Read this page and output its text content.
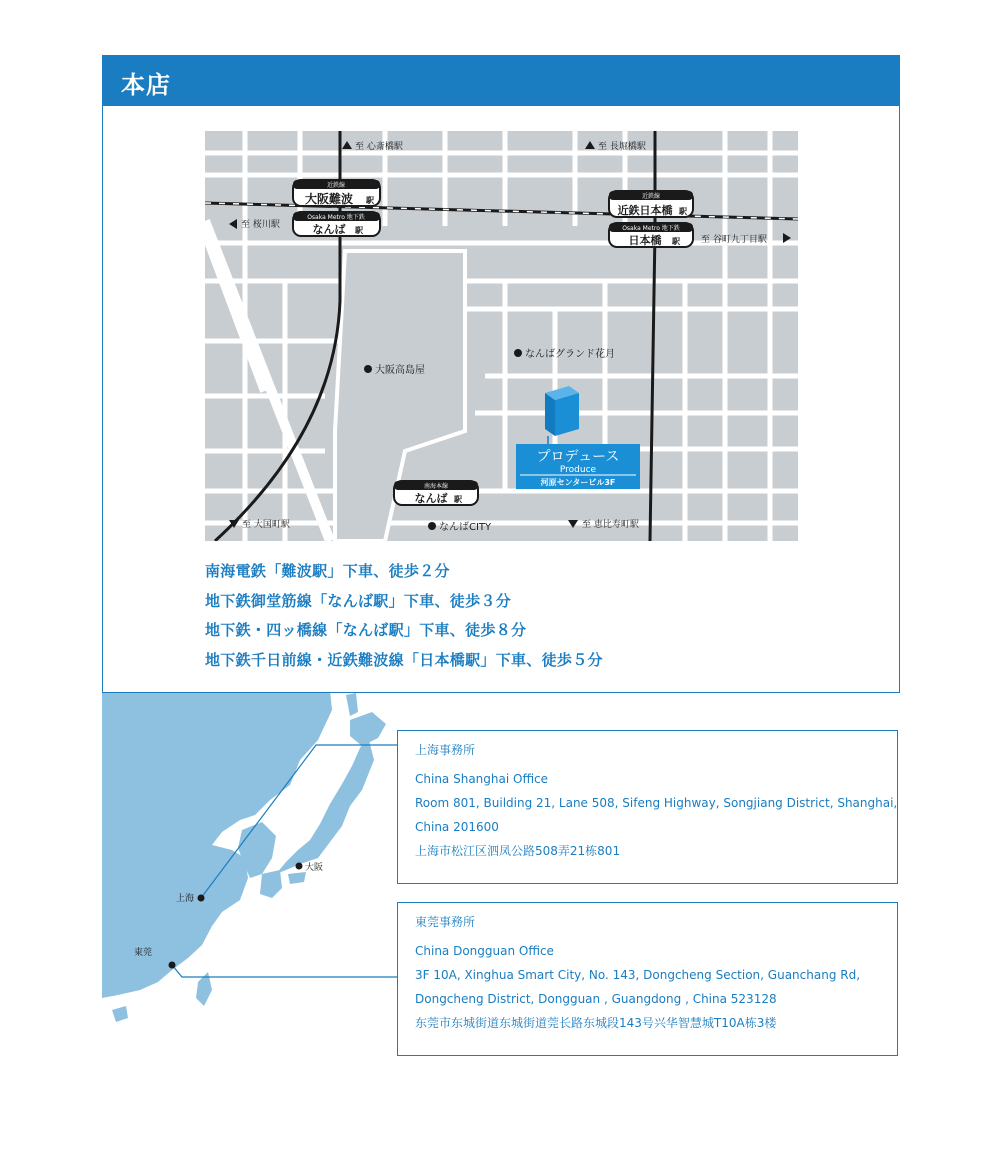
大阪
上海
東莞
本店
至 心斎橋駅	至 長堀橋駅
至 桜川駅
至 谷町九丁目駅
至 大国町駅	至 恵比寿町駅
大阪高島屋
なんばグランド花月
なんばCITY
近鉄線
大阪難波 駅
Osaka Metro 地下鉄
なんば 駅
近鉄線
近鉄日本橋 駅
Osaka Metro 地下鉄
日本橋 駅
南海本線
なんば 駅
プロデュース
Produce
河原センタービル3F
南海電鉄「難波駅」下車、徒歩２分
地下鉄御堂筋線「なんば駅」下車、徒歩３分
地下鉄・四ッ橋線「なんば駅」下車、徒歩８分
地下鉄千日前線・近鉄難波線「日本橋駅」下車、徒歩５分
上海事務所
China Shanghai Office
Room 801, Building 21, Lane 508, Sifeng Highway, Songjiang District, Shanghai,
China 201600
上海市松江区泗凤公路508弄21栋801
東莞事務所
China Dongguan Office
3F 10A, Xinghua Smart City, No. 143, Dongcheng Section, Guanchang Rd,
Dongcheng District, Dongguan , Guangdong , China 523128
东莞市东城街道东城街道莞长路东城段143号兴华智慧城T10A栋3楼
